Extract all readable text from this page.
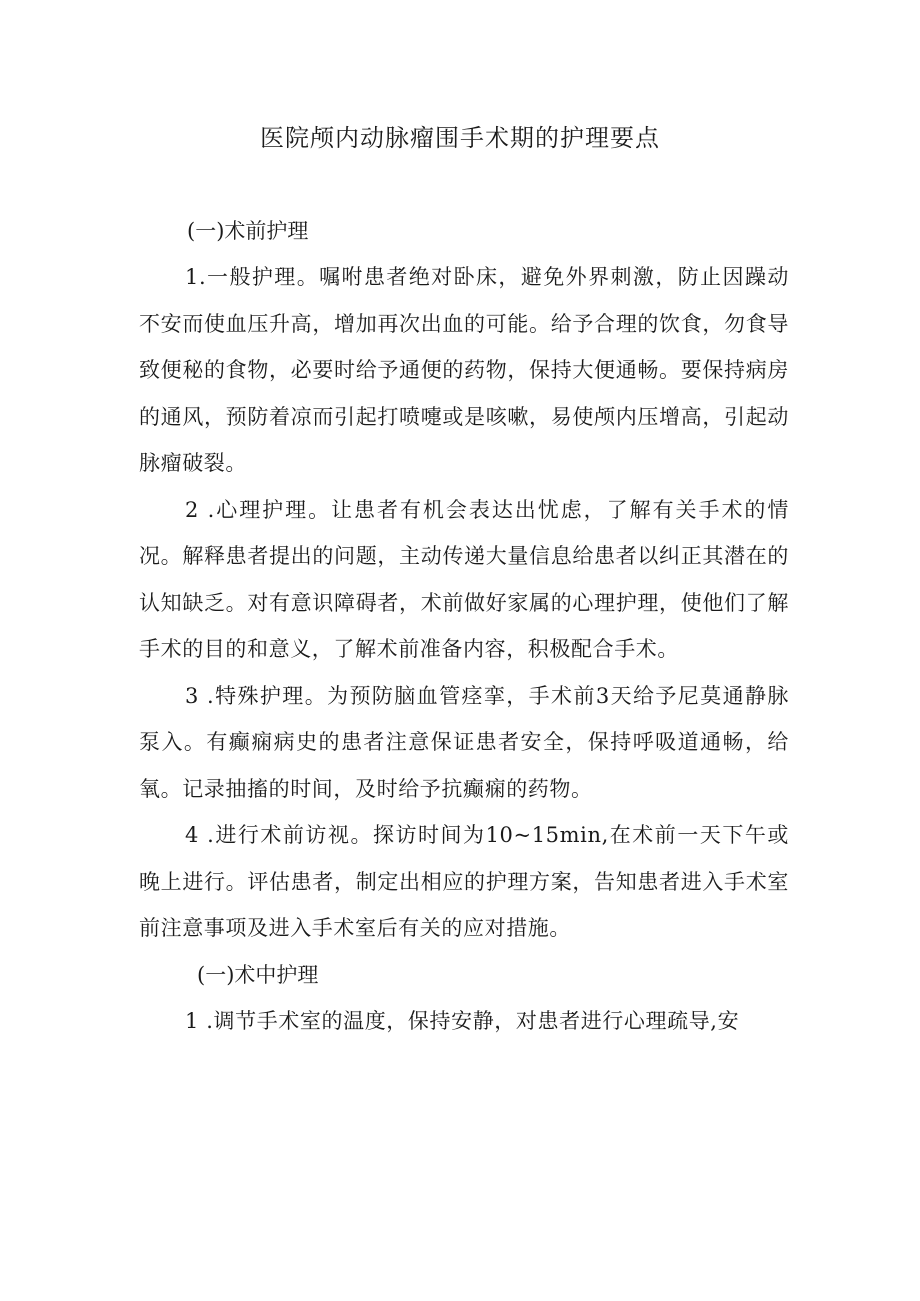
医院颅内动脉瘤围手术期的护理要点

(一)术前护理

1.一般护理。嘱咐患者绝对卧床，避免外界刺激，防止因躁动不安而使血压升高，增加再次出血的可能。给予合理的饮食，勿食导致便秘的食物，必要时给予通便的药物，保持大便通畅。要保持病房的通风，预防着凉而引起打喷嚏或是咳嗽，易使颅内压增高，引起动脉瘤破裂。

2 .心理护理。让患者有机会表达出忧虑，了解有关手术的情况。解释患者提出的问题，主动传递大量信息给患者以纠正其潜在的认知缺乏。对有意识障碍者，术前做好家属的心理护理，使他们了解手术的目的和意义，了解术前准备内容，积极配合手术。

3 .特殊护理。为预防脑血管痉挛，手术前3天给予尼莫通静脉泵入。有癫痫病史的患者注意保证患者安全，保持呼吸道通畅，给氧。记录抽搐的时间，及时给予抗癫痫的药物。

4 .进行术前访视。探访时间为10~15min,在术前一天下午或晚上进行。评估患者，制定出相应的护理方案，告知患者进入手术室前注意事项及进入手术室后有关的应对措施。

(一)术中护理

1 .调节手术室的温度，保持安静，对患者进行心理疏导,安
